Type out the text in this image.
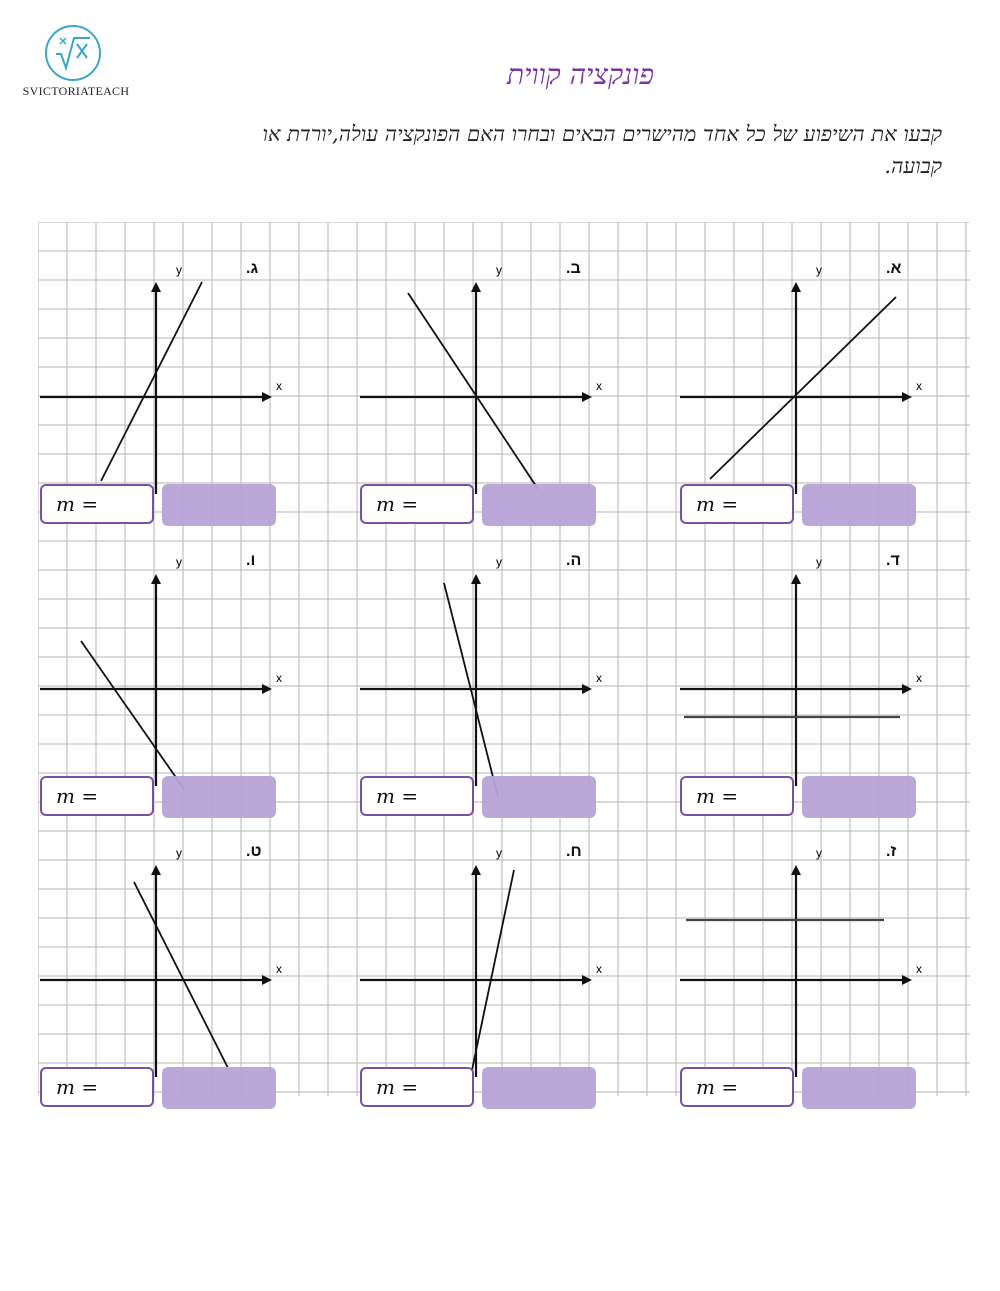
SVICTORIATEACH	פונקציה קווית
קבעו את השיפוע של כל אחד מהישרים הבאים ובחרו האם הפונקציה עולה,יורדת או קבועה.
x
y
x
y
x
y
x
y
x
y
x
y
x
y
x
y
x
y
א.
m =
ב.
m =
ג.
m =
ד.
m =
ה.
m =
ו.
m =
ז.
m =
ח.
m =
ט.
m =
